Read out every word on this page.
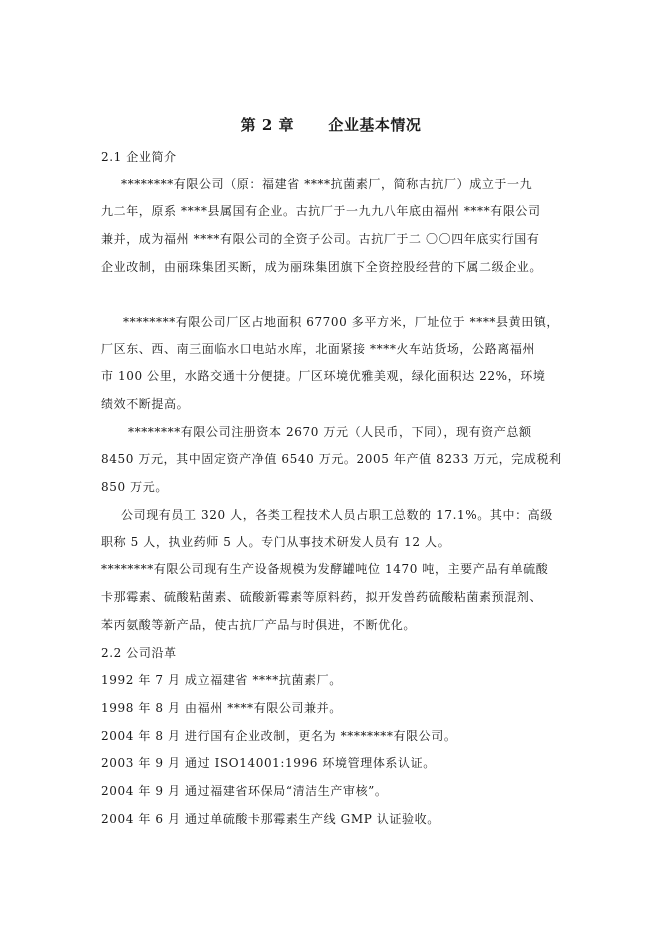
第 2 章      企业基本情况
2.1 企业简介
********有限公司（原：福建省 ****抗菌素厂，简称古抗厂）成立于一九
九二年，原系 ****县属国有企业。古抗厂于一九九八年底由福州 ****有限公司
兼并，成为福州 ****有限公司的全资子公司。古抗厂于二 〇〇四年底实行国有
企业改制，由丽珠集团买断，成为丽珠集团旗下全资控股经营的下属二级企业。
********有限公司厂区占地面积 67700 多平方米，厂址位于 ****县黄田镇，
厂区东、西、南三面临水口电站水库，北面紧接 ****火车站货场，公路离福州
市 100 公里，水路交通十分便捷。厂区环境优雅美观，绿化面积达 22%，环境
绩效不断提高。
********有限公司注册资本 2670 万元（人民币，下同），现有资产总额
8450 万元，其中固定资产净值 6540 万元。2005 年产值 8233 万元，完成税利
850 万元。
公司现有员工 320 人，各类工程技术人员占职工总数的 17.1%。其中：高级
职称 5 人，执业药师 5 人。专门从事技术研发人员有 12 人。
********有限公司现有生产设备规模为发酵罐吨位 1470 吨，主要产品有单硫酸
卡那霉素、硫酸粘菌素、硫酸新霉素等原料药，拟开发兽药硫酸粘菌素预混剂、
苯丙氨酸等新产品，使古抗厂产品与时俱进，不断优化。
2.2 公司沿革
1992 年 7 月 成立福建省 ****抗菌素厂。
1998 年 8 月 由福州 ****有限公司兼并。
2004 年 8 月 进行国有企业改制，更名为 ********有限公司。
2003 年 9 月 通过 ISO14001:1996 环境管理体系认证。
2004 年 9 月 通过福建省环保局“清洁生产审核”。
2004 年 6 月 通过单硫酸卡那霉素生产线 GMP 认证验收。
